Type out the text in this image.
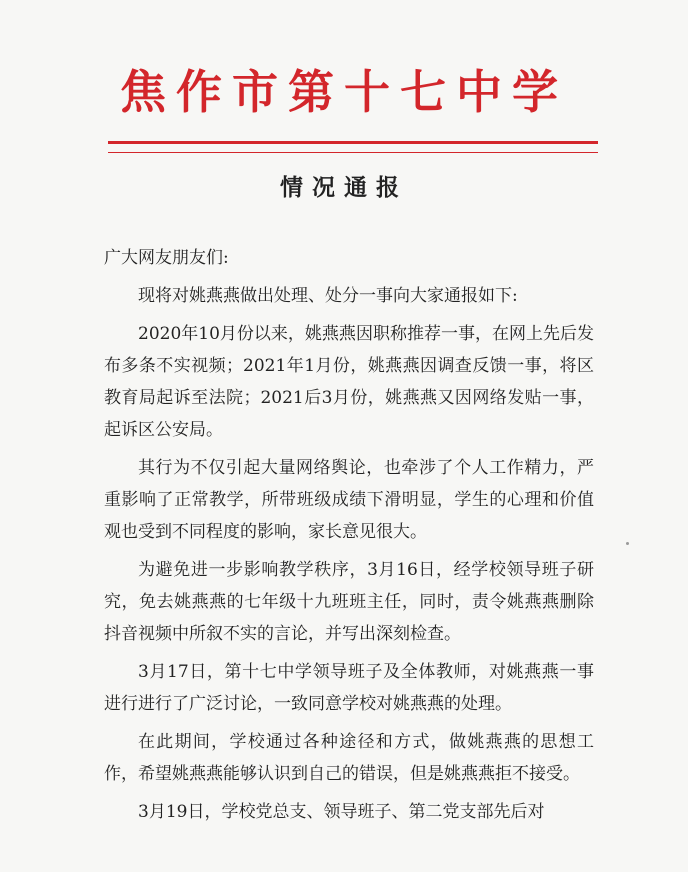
焦作市第十七中学
情况通报

广大网友朋友们:

现将对姚燕燕做出处理、处分一事向大家通报如下:

2020年10月份以来，姚燕燕因职称推荐一事，在网上先后发布多条不实视频；2021年1月份，姚燕燕因调查反馈一事，将区教育局起诉至法院；2021后3月份，姚燕燕又因网络发贴一事，起诉区公安局。

其行为不仅引起大量网络舆论，也牵涉了个人工作精力，严重影响了正常教学，所带班级成绩下滑明显，学生的心理和价值观也受到不同程度的影响，家长意见很大。

为避免进一步影响教学秩序，3月16日，经学校领导班子研究，免去姚燕燕的七年级十九班班主任，同时，责令姚燕燕删除抖音视频中所叙不实的言论，并写出深刻检查。

3月17日，第十七中学领导班子及全体教师，对姚燕燕一事进行进行了广泛讨论，一致同意学校对姚燕燕的处理。

在此期间，学校通过各种途径和方式，做姚燕燕的思想工作，希望姚燕燕能够认识到自己的错误，但是姚燕燕拒不接受。

3月19日，学校党总支、领导班子、第二党支部先后对
